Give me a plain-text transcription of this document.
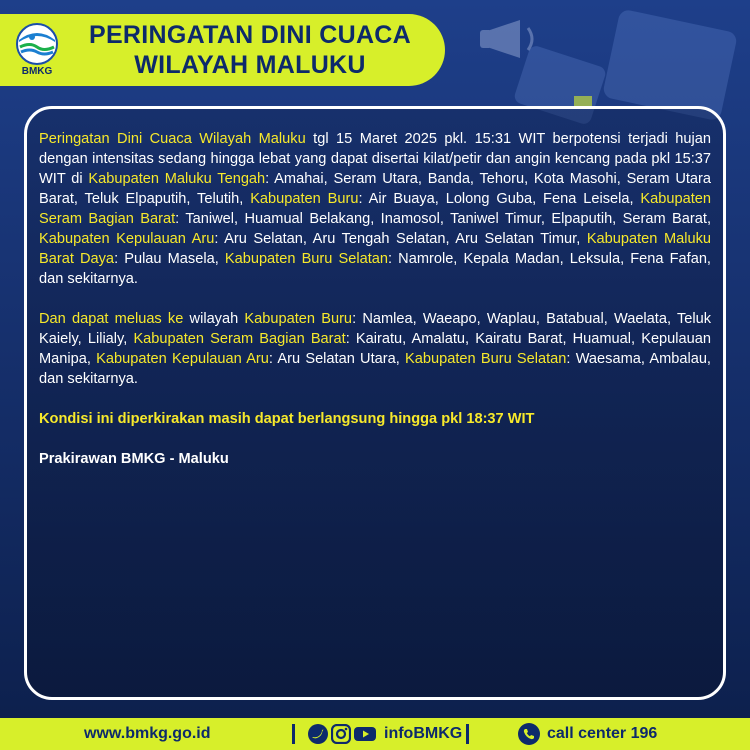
BMKG
PERINGATAN DINI CUACA
WILAYAH MALUKU

Peringatan Dini Cuaca Wilayah Maluku tgl 15 Maret 2025 pkl. 15:31 WIT berpotensi terjadi hujan dengan intensitas sedang hingga lebat yang dapat disertai kilat/petir dan angin kencang pada pkl 15:37 WIT di Kabupaten Maluku Tengah: Amahai, Seram Utara, Banda, Tehoru, Kota Masohi, Seram Utara Barat, Teluk Elpaputih, Telutih, Kabupaten Buru: Air Buaya, Lolong Guba, Fena Leisela, Kabupaten Seram Bagian Barat: Taniwel, Huamual Belakang, Inamosol, Taniwel Timur, Elpaputih, Seram Barat, Kabupaten Kepulauan Aru: Aru Selatan, Aru Tengah Selatan, Aru Selatan Timur, Kabupaten Maluku Barat Daya: Pulau Masela, Kabupaten Buru Selatan: Namrole, Kepala Madan, Leksula, Fena Fafan, dan sekitarnya.

Dan dapat meluas ke wilayah Kabupaten Buru: Namlea, Waeapo, Waplau, Batabual, Waelata, Teluk Kaiely, Lilialy, Kabupaten Seram Bagian Barat: Kairatu, Amalatu, Kairatu Barat, Huamual, Kepulauan Manipa, Kabupaten Kepulauan Aru: Aru Selatan Utara, Kabupaten Buru Selatan: Waesama, Ambalau, dan sekitarnya.

Kondisi ini diperkirakan masih dapat berlangsung hingga pkl 18:37 WIT

Prakirawan BMKG - Maluku

www.bmkg.go.id	infoBMKG	call center 196
